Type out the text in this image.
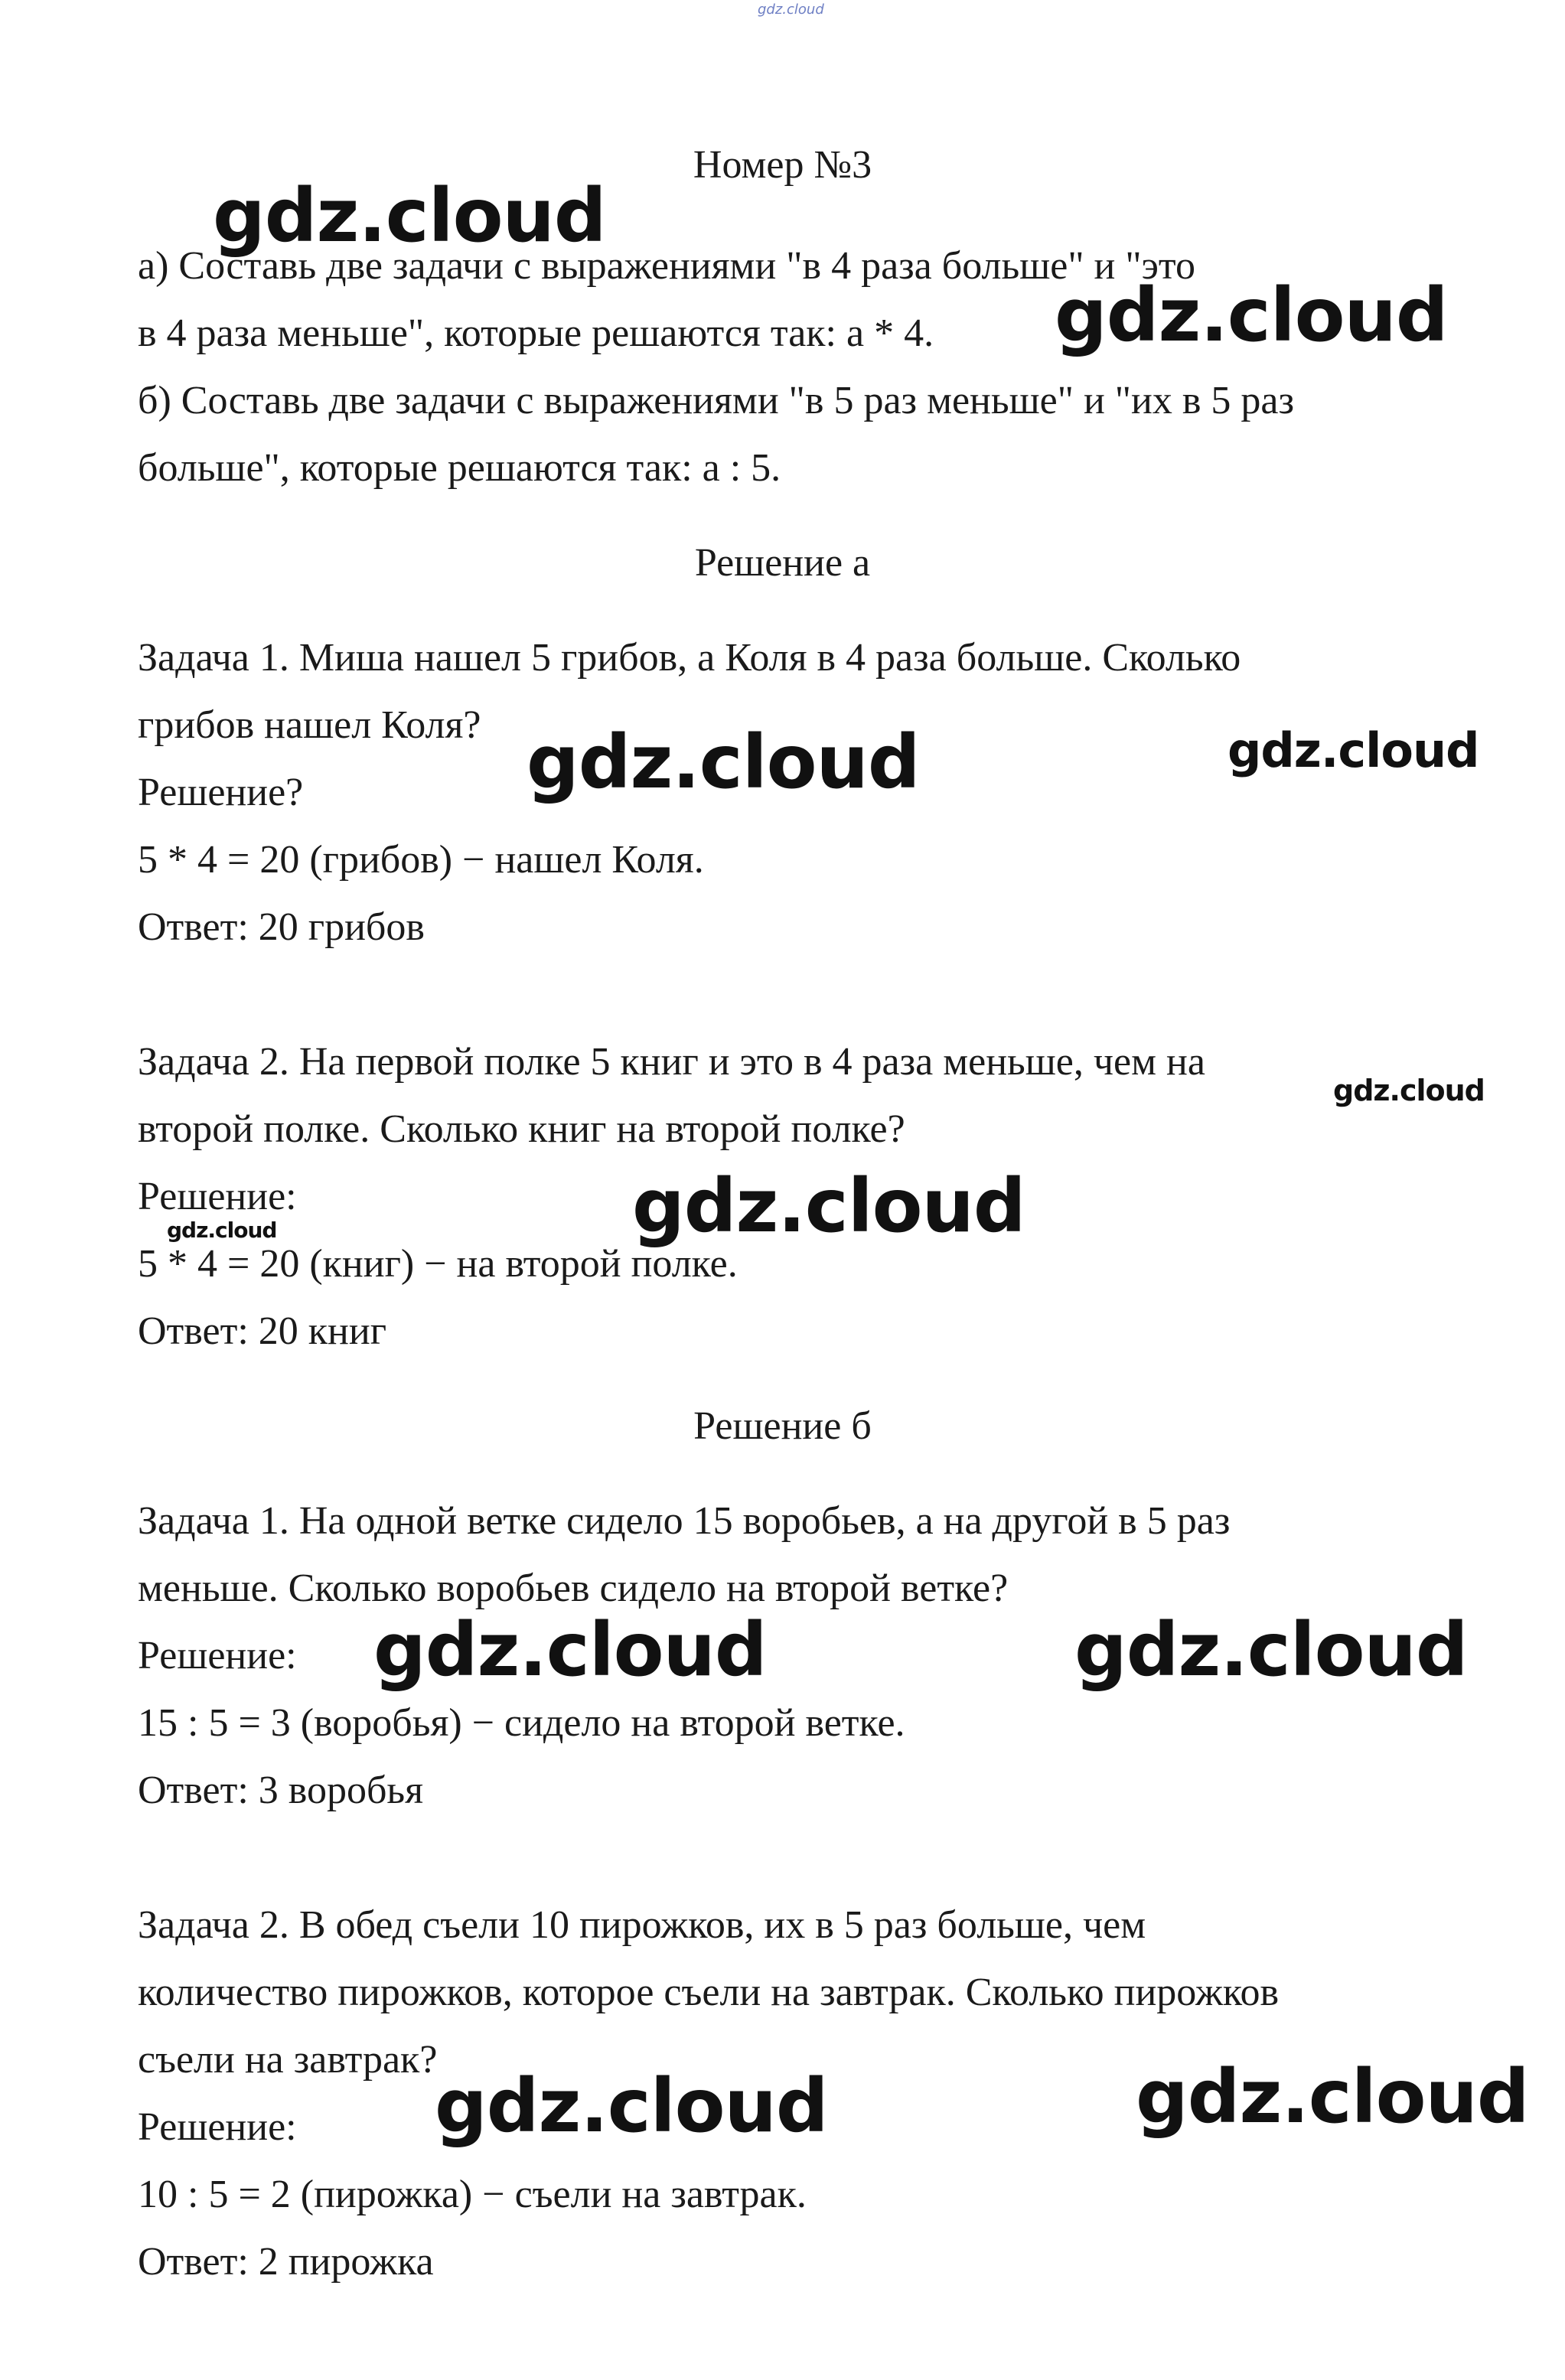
gdz.cloud
Номер №3
а) Составь две задачи с выражениями "в 4 раза больше" и "это
в 4 раза меньше", которые решаются так: а * 4.
б) Составь две задачи с выражениями "в 5 раз меньше" и "их в 5 раз
больше", которые решаются так: а : 5.
Решение а
Задача 1. Миша нашел 5 грибов, а Коля в 4 раза больше. Сколько
грибов нашел Коля?
Решение?
5 * 4 = 20 (грибов) − нашел Коля.
Ответ: 20 грибов
Задача 2. На первой полке 5 книг и это в 4 раза меньше, чем на
второй полке. Сколько книг на второй полке?
Решение:
5 * 4 = 20 (книг) − на второй полке.
Ответ: 20 книг
Решение б
Задача 1. На одной ветке сидело 15 воробьев, а на другой в 5 раз
меньше. Сколько воробьев сидело на второй ветке?
Решение:
15 : 5 = 3 (воробья) − сидело на второй ветке.
Ответ: 3 воробья
Задача 2. В обед съели 10 пирожков, их в 5 раз больше, чем
количество пирожков, которое съели на завтрак. Сколько пирожков
съели на завтрак?
Решение:
10 : 5 = 2 (пирожка) − съели на завтрак.
Ответ: 2 пирожка
gdz.cloud
gdz.cloud
gdz.cloud	gdz.cloud
gdz.cloud
gdz.cloud
gdz.cloud
gdz.cloud	gdz.cloud
gdz.cloud	gdz.cloud
